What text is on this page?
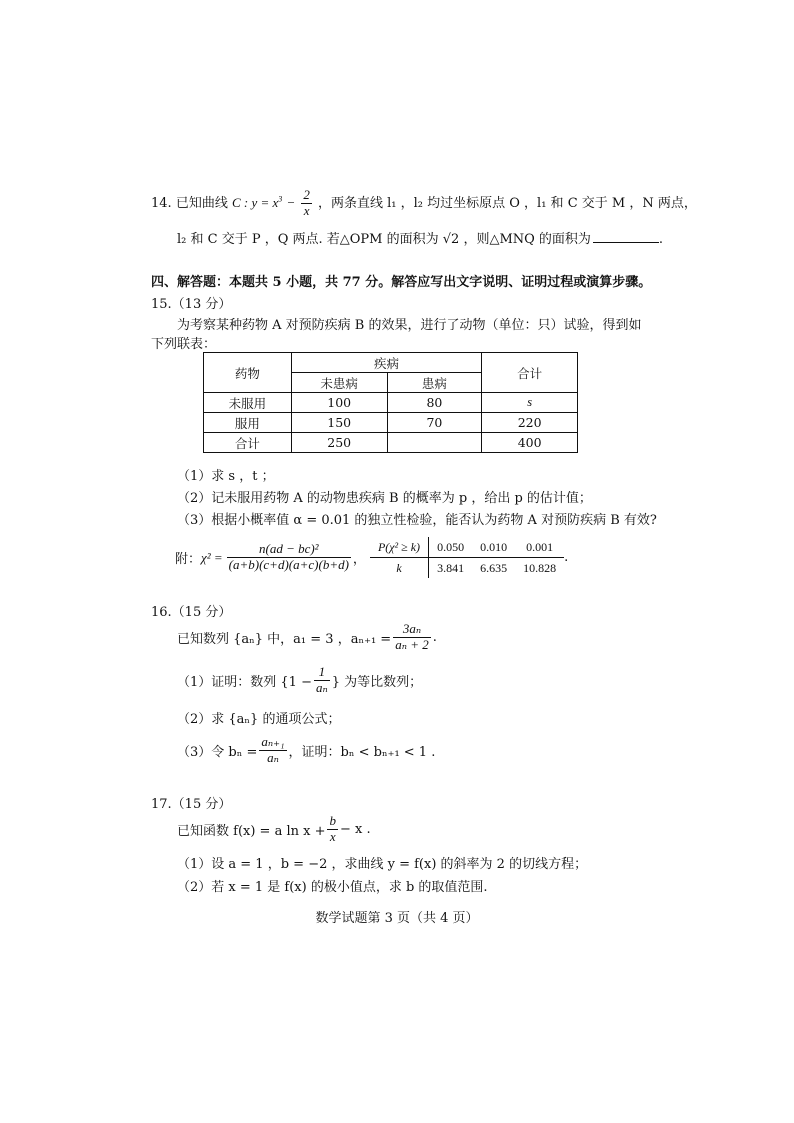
14. 已知曲线 C : $y = x^3 - \frac{2}{x}$ ，两条直线 l₁ ，l₂ 均过坐标原点 O ，l₁ 和 C 交于 M ，N 两点，
l₂ 和 C 交于 P ，Q 两点. 若△OPM 的面积为 √2 ，则△MNQ 的面积为	.
四、解答题：本题共 5 小题，共 77 分。解答应写出文字说明、证明过程或演算步骤。
15.（13 分）
为考察某种药物 A 对预防疾病 B 的效果，进行了动物（单位：只）试验，得到如
下列联表：
药物	疾病		合计
	未患病	患病	
未服用	100	80	s
服用	150	70	220
合计	250		400
（1）求 s ，t ；
（2）记未服用药物 A 的动物患疾病 B 的概率为 p ，给出 p 的估计值；
（3）根据小概率值 α = 0.01 的独立性检验，能否认为药物 A 对预防疾病 B 有效?
附： $\chi^2 = \frac{\text{n(ad − bc)²}}{(a+b)(c+d)(a+c)(b+d)}$ ，
P(χ² ≥ k)	0.050	0.010	0.001
k	3.841	6.635	10.828
.
16.（15 分）
已知数列 {aₙ} 中，a₁ = 3 ，$a_{n+1} = \frac{\text{3aₙ}}{\text{aₙ + 2}}$ .
（1）证明：数列 {$1 - \frac{1}{\text{aₙ}}$ } 为等比数列；
（2）求 {aₙ} 的通项公式；
（3）令 $b_n = \frac{\text{aₙ₊₁}}{\text{aₙ}}$ ，证明：bₙ < bₙ₊₁ < 1 .
17.（15 分）
已知函数 f(x) = a $\ln x + \frac{b}{x} - x$ .
（1）设 a = 1 ，b = −2 ，求曲线 y = f(x) 的斜率为 2 的切线方程；
（2）若 x = 1 是 f(x) 的极小值点，求 b 的取值范围.
数学试题第 3 页（共 4 页）
